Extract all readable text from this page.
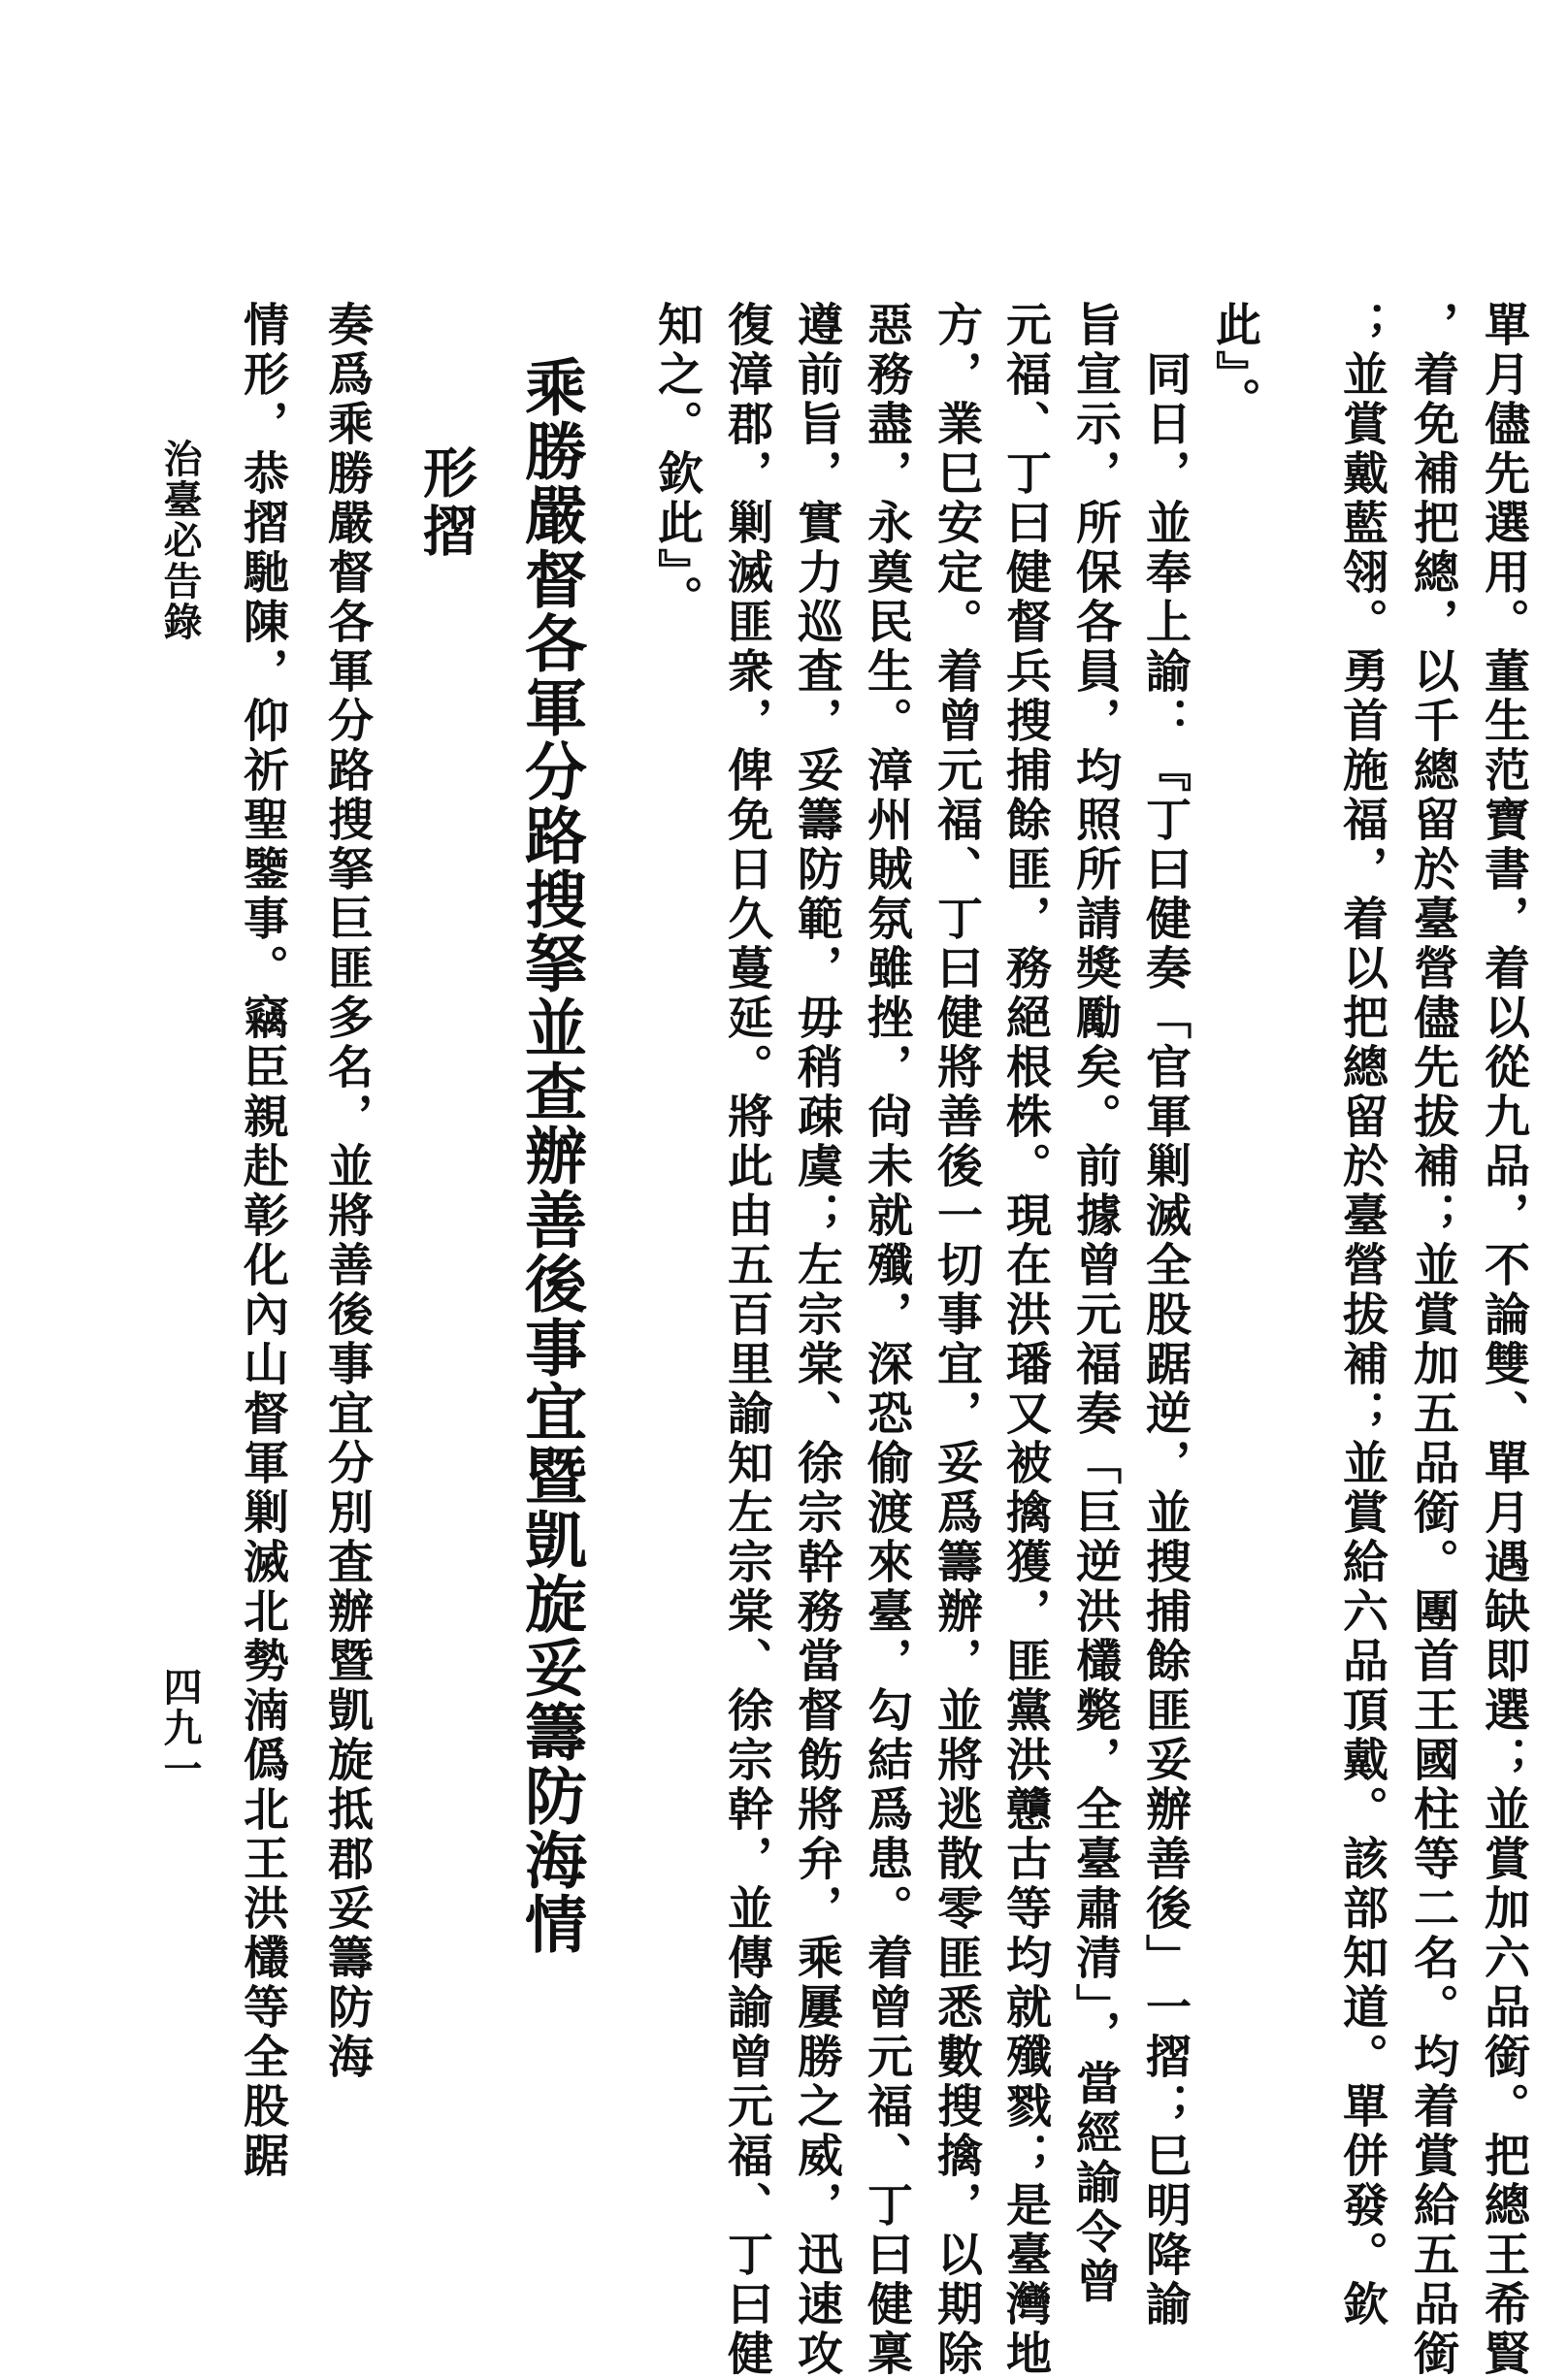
單月儘先選用。董生范寶書，着以從九品，不論雙、單月遇缺即選；並賞加六品銜。把總王希賢
，着免補把總，以千總留於臺營儘先拔補；並賞加五品銜。團首王國柱等二名。均着賞給五品銜
；並賞戴藍翎。勇首施福，着以把總留於臺營拔補；並賞給六品頂戴。該部知道。單併發。欽
此』。
　同日，並奉上諭：『丁曰健奏「官軍剿滅全股踞逆，並搜捕餘匪妥辦善後」一摺；巳明降諭
旨宣示，所保各員，均照所請獎勵矣。前據曾元福奏「巨逆洪欉斃，全臺肅清」，當經諭令曾
元福、丁曰健督兵搜捕餘匪，務絕根株。現在洪璠又被擒獲，匪黨洪戇古等均就殲戮；是臺灣地
方，業巳安定。着曾元福、丁曰健將善後一切事宜，妥爲籌辦，並將逃散零匪悉數搜擒，以期除
惡務盡，永奠民生。漳州賊氛雖挫，尙未就殲，深恐偷渡來臺，勾結爲患。着曾元福、丁曰健稟
遵前旨，實力巡査，妥籌防範，毋稍疎虞；左宗棠、徐宗幹務當督飭將弁，乘屢勝之威，迅速攻
復漳郡，剿滅匪衆，俾免日久蔓延。將此由五百里諭知左宗棠、徐宗幹，並傳諭曾元福、丁曰健
知之。欽此』。
乘勝嚴督各軍分路搜拏並查辦善後事宜暨凱旋妥籌防海情
形摺
奏爲乘勝嚴督各軍分路搜拏巨匪多名，並將善後事宜分別査辦暨凱旋抵郡妥籌防海
情形，恭摺馳陳，仰祈聖鑒事。竊臣親赴彰化內山督軍剿滅北勢湳僞北王洪欉等全股踞
四九一
治臺必告錄
